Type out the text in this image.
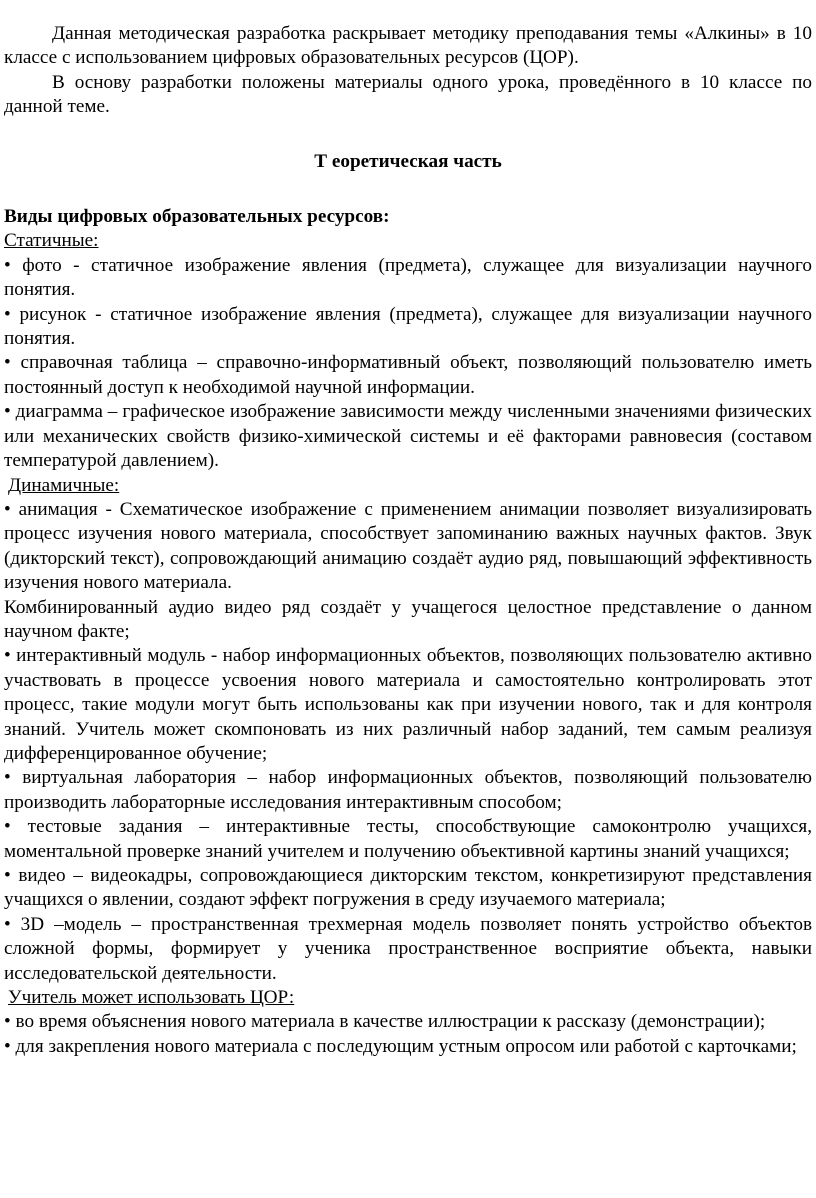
Данная методическая разработка раскрывает методику преподавания темы «Алкины» в 10 классе с использованием цифровых образовательных ресурсов (ЦОР).

В основу разработки положены материалы одного урока, проведённого в 10 классе по данной теме.

Т еоретическая часть

Виды цифровых образовательных ресурсов:

Статичные:

• фото - статичное изображение явления (предмета), служащее для визуализации научного понятия.

• рисунок - статичное изображение явления (предмета), служащее для визуализации научного понятия.

• справочная таблица – справочно-информативный объект, позволяющий пользователю иметь постоянный доступ к необходимой научной информации.

• диаграмма – графическое изображение зависимости между численными значениями физических или механических свойств физико-химической системы и её факторами равновесия (составом температурой давлением).

Динамичные:

• анимация - Схематическое изображение с применением анимации позволяет визуализировать процесс изучения нового материала, способствует запоминанию важных научных фактов. Звук (дикторский текст), сопровождающий анимацию создаёт аудио ряд, повышающий эффективность изучения нового материала.

Комбинированный аудио видео ряд создаёт у учащегося целостное представление о данном научном факте;

• интерактивный модуль - набор информационных объектов, позволяющих пользователю активно участвовать в процессе усвоения нового материала и самостоятельно контролировать этот процесс, такие модули могут быть использованы как при изучении нового, так и для контроля знаний. Учитель может скомпоновать из них различный набор заданий, тем самым реализуя дифференцированное обучение;

• виртуальная лаборатория – набор информационных объектов, позволяющий пользователю производить лабораторные исследования интерактивным способом;

• тестовые задания – интерактивные тесты, способствующие самоконтролю учащихся, моментальной проверке знаний учителем и получению объективной картины знаний учащихся;

• видео – видеокадры, сопровождающиеся дикторским текстом, конкретизируют представления учащихся о явлении, создают эффект погружения в среду изучаемого материала;

• 3D –модель – пространственная трехмерная модель позволяет понять устройство объектов сложной формы, формирует у ученика пространственное восприятие объекта, навыки исследовательской деятельности.

Учитель может использовать ЦОР:

• во время объяснения нового материала в качестве иллюстрации к рассказу (демонстрации);

• для закрепления нового материала с последующим устным опросом или работой с карточками;
